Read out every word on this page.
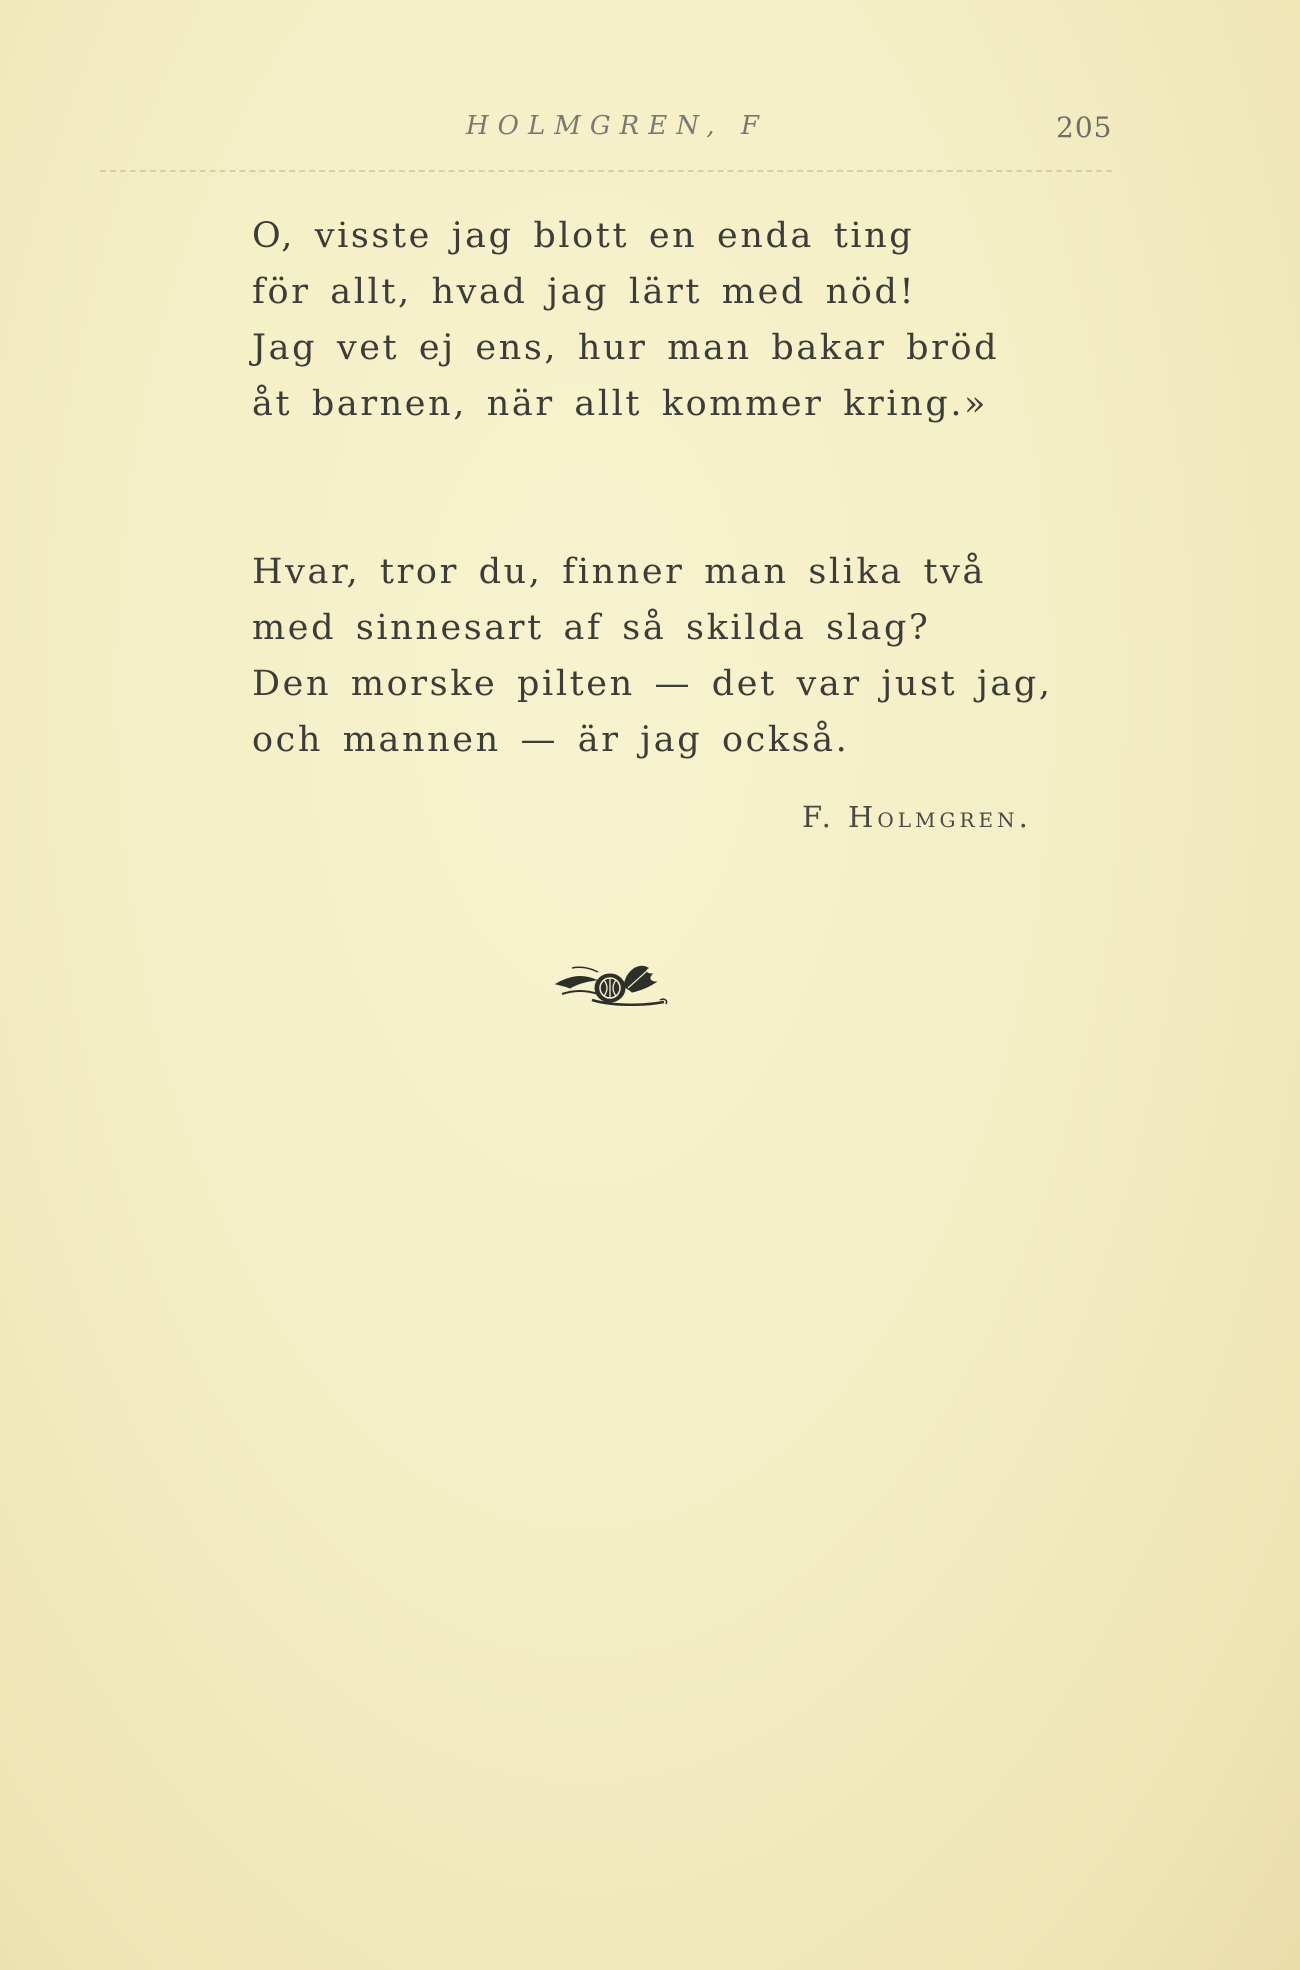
HOLMGREN, F	205
O, visste jag blott en enda ting
för allt, hvad jag lärt med nöd!
Jag vet ej ens, hur man bakar bröd
åt barnen, när allt kommer kring.»
Hvar, tror du, finner man slika två
med sinnesart af så skilda slag?
Den morske pilten — det var just jag,
och mannen — är jag också.
F. Holmgren.
